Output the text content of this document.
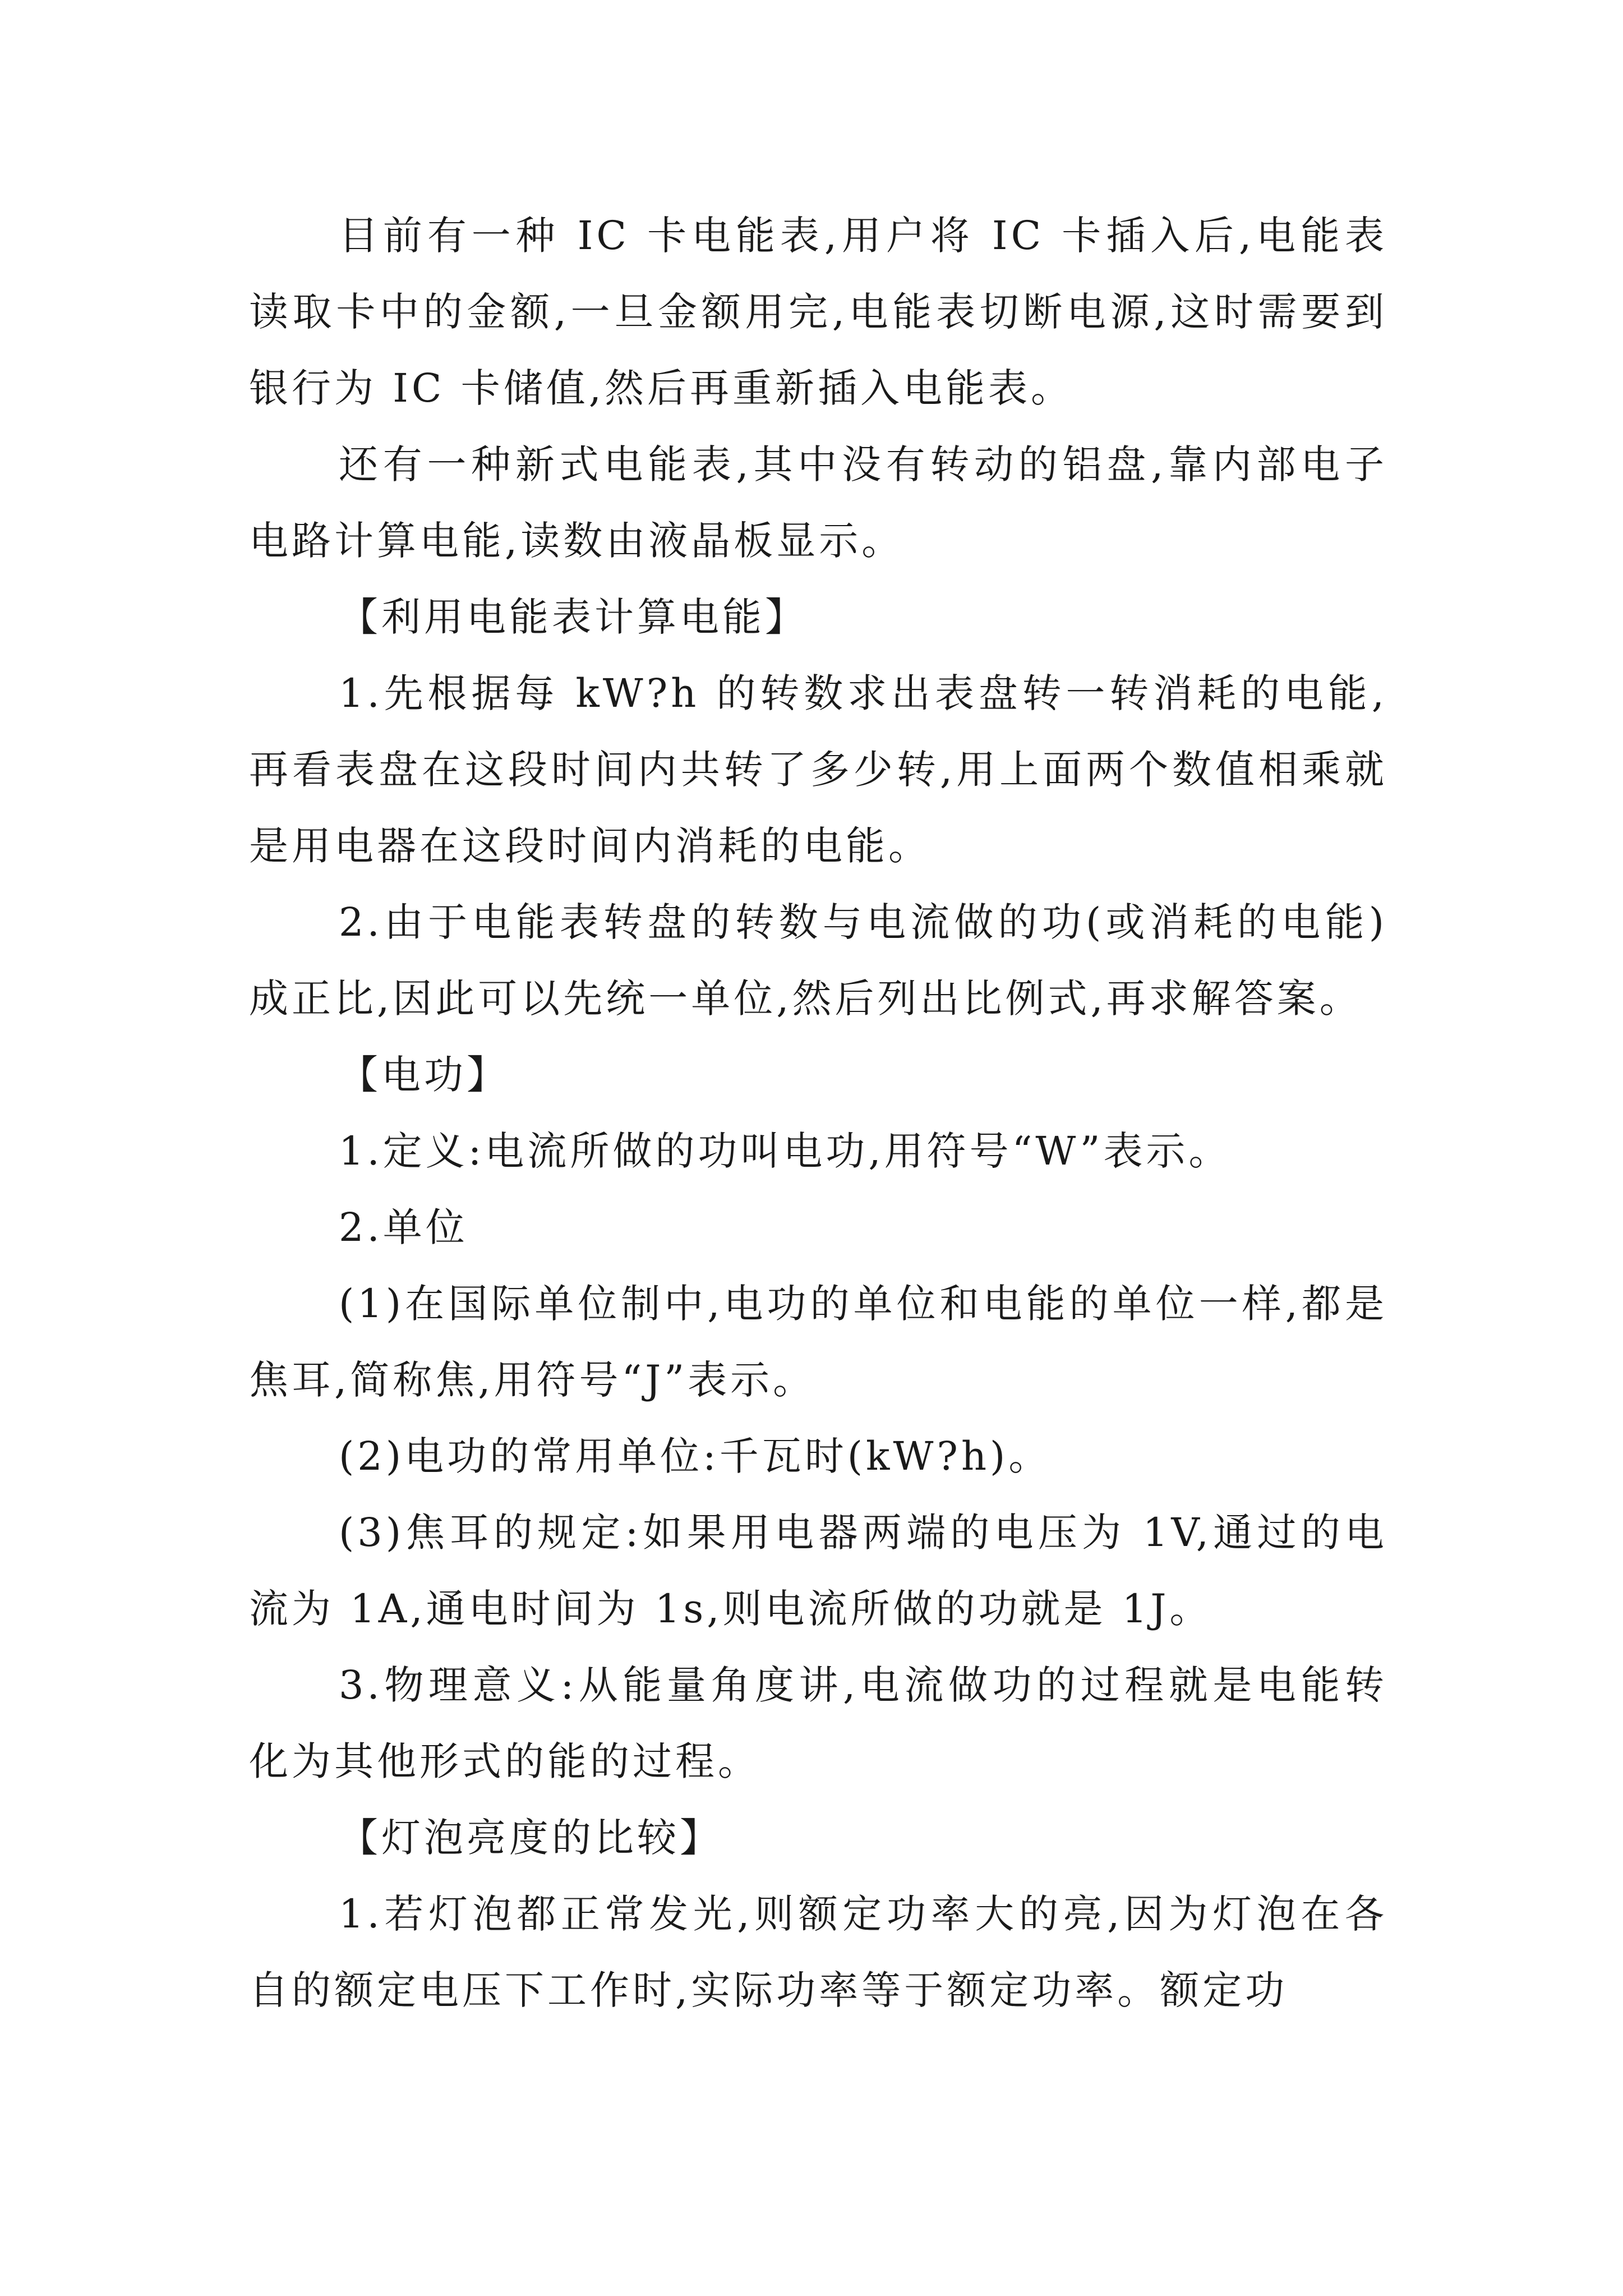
目前有一种 IC 卡电能表,用户将 IC 卡插入后,电能表读取卡中的金额,一旦金额用完,电能表切断电源,这时需要到银行为 IC 卡储值,然后再重新插入电能表。

还有一种新式电能表,其中没有转动的铝盘,靠内部电子电路计算电能,读数由液晶板显示。

【利用电能表计算电能】

1.先根据每 kW?h 的转数求出表盘转一转消耗的电能,再看表盘在这段时间内共转了多少转,用上面两个数值相乘就是用电器在这段时间内消耗的电能。

2.由于电能表转盘的转数与电流做的功(或消耗的电能)成正比,因此可以先统一单位,然后列出比例式,再求解答案。

【电功】

1.定义:电流所做的功叫电功,用符号“W”表示。

2.单位

(1)在国际单位制中,电功的单位和电能的单位一样,都是焦耳,简称焦,用符号“J”表示。

(2)电功的常用单位:千瓦时(kW?h)。

(3)焦耳的规定:如果用电器两端的电压为 1V,通过的电流为 1A,通电时间为 1s,则电流所做的功就是 1J。

3.物理意义:从能量角度讲,电流做功的过程就是电能转化为其他形式的能的过程。

【灯泡亮度的比较】

1.若灯泡都正常发光,则额定功率大的亮,因为灯泡在各自的额定电压下工作时,实际功率等于额定功率。额定功
